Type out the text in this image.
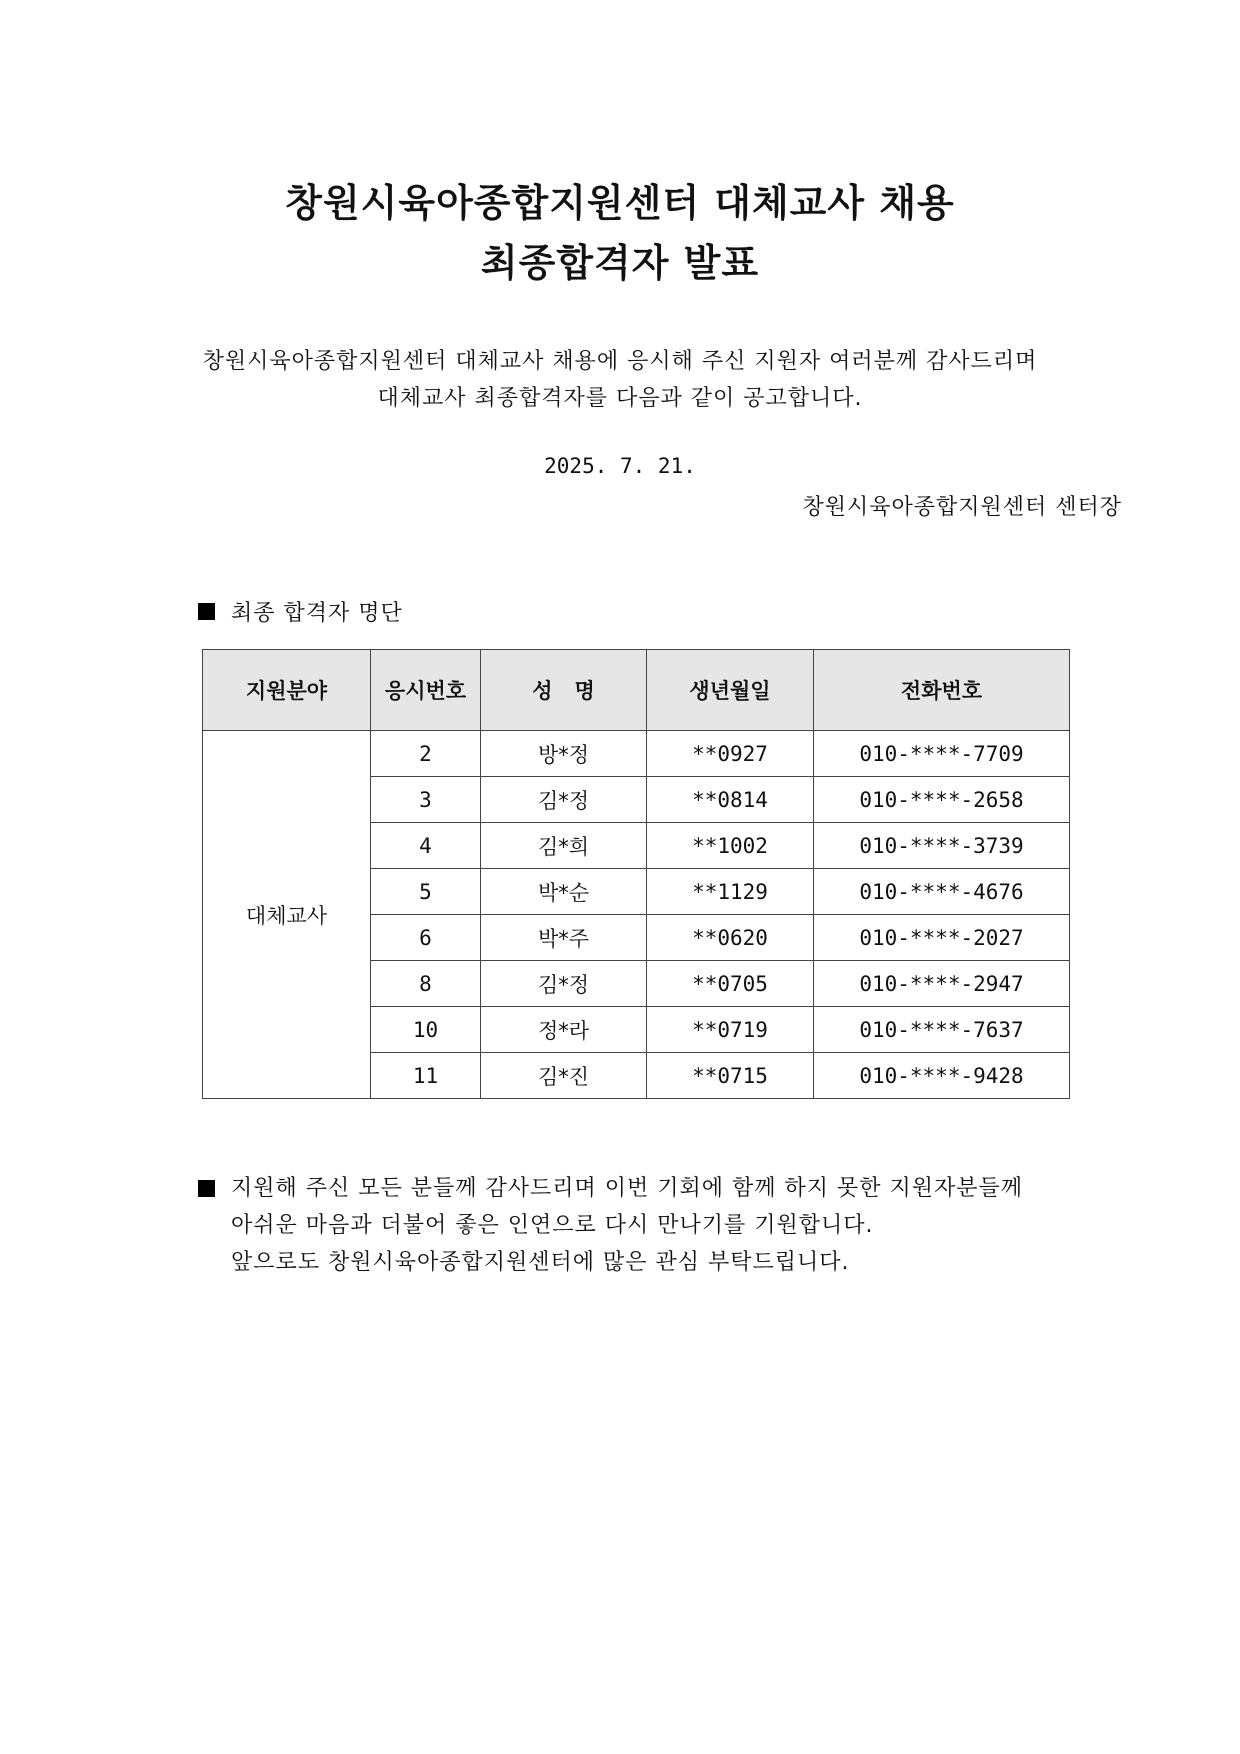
창원시육아종합지원센터 대체교사 채용
최종합격자 발표
창원시육아종합지원센터 대체교사 채용에 응시해 주신 지원자 여러분께 감사드리며
대체교사 최종합격자를 다음과 같이 공고합니다.
2025. 7. 21.
창원시육아종합지원센터 센터장
최종 합격자 명단
지원분야	응시번호	성   명	생년월일	전화번호
대체교사	2	방*정	**0927	010-****-7709
	3	김*정	**0814	010-****-2658
	4	김*희	**1002	010-****-3739
	5	박*순	**1129	010-****-4676
	6	박*주	**0620	010-****-2027
	8	김*정	**0705	010-****-2947
	10	정*라	**0719	010-****-7637
	11	김*진	**0715	010-****-9428
지원해 주신 모든 분들께 감사드리며 이번 기회에 함께 하지 못한 지원자분들께
아쉬운 마음과 더불어 좋은 인연으로 다시 만나기를 기원합니다.
앞으로도 창원시육아종합지원센터에 많은 관심 부탁드립니다.
